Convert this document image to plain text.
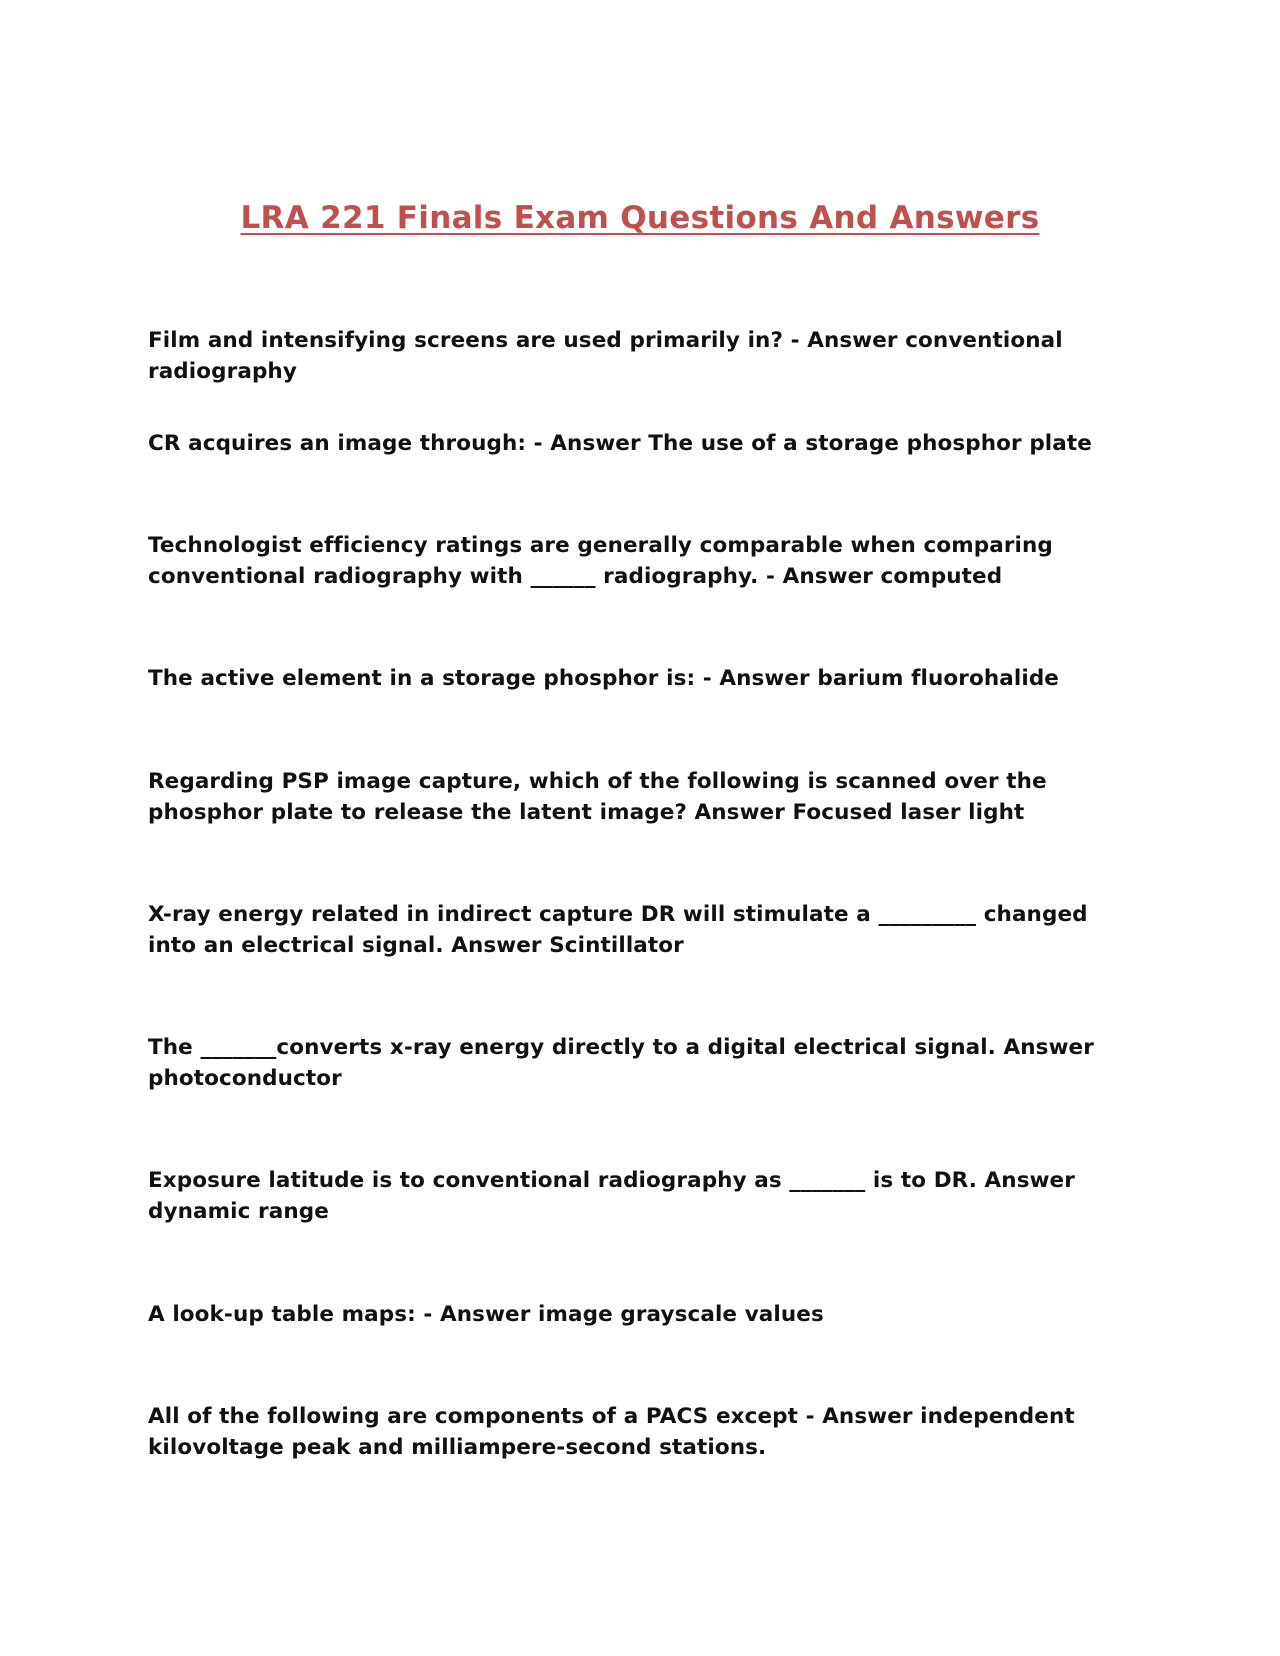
LRA 221 Finals Exam Questions And Answers

Film and intensifying screens are used primarily in? - Answer conventional radiography

CR acquires an image through: - Answer The use of a storage phosphor plate

Technologist efficiency ratings are generally comparable when comparing conventional radiography with ______ radiography. - Answer computed

The active element in a storage phosphor is: - Answer barium fluorohalide

Regarding PSP image capture, which of the following is scanned over the phosphor plate to release the latent image? Answer Focused laser light

X-ray energy related in indirect capture DR will stimulate a _________ changed into an electrical signal. Answer Scintillator

The _______converts x-ray energy directly to a digital electrical signal. Answer photoconductor

Exposure latitude is to conventional radiography as _______ is to DR. Answer dynamic range

A look-up table maps: - Answer image grayscale values

All of the following are components of a PACS except - Answer independent kilovoltage peak and milliampere-second stations.
